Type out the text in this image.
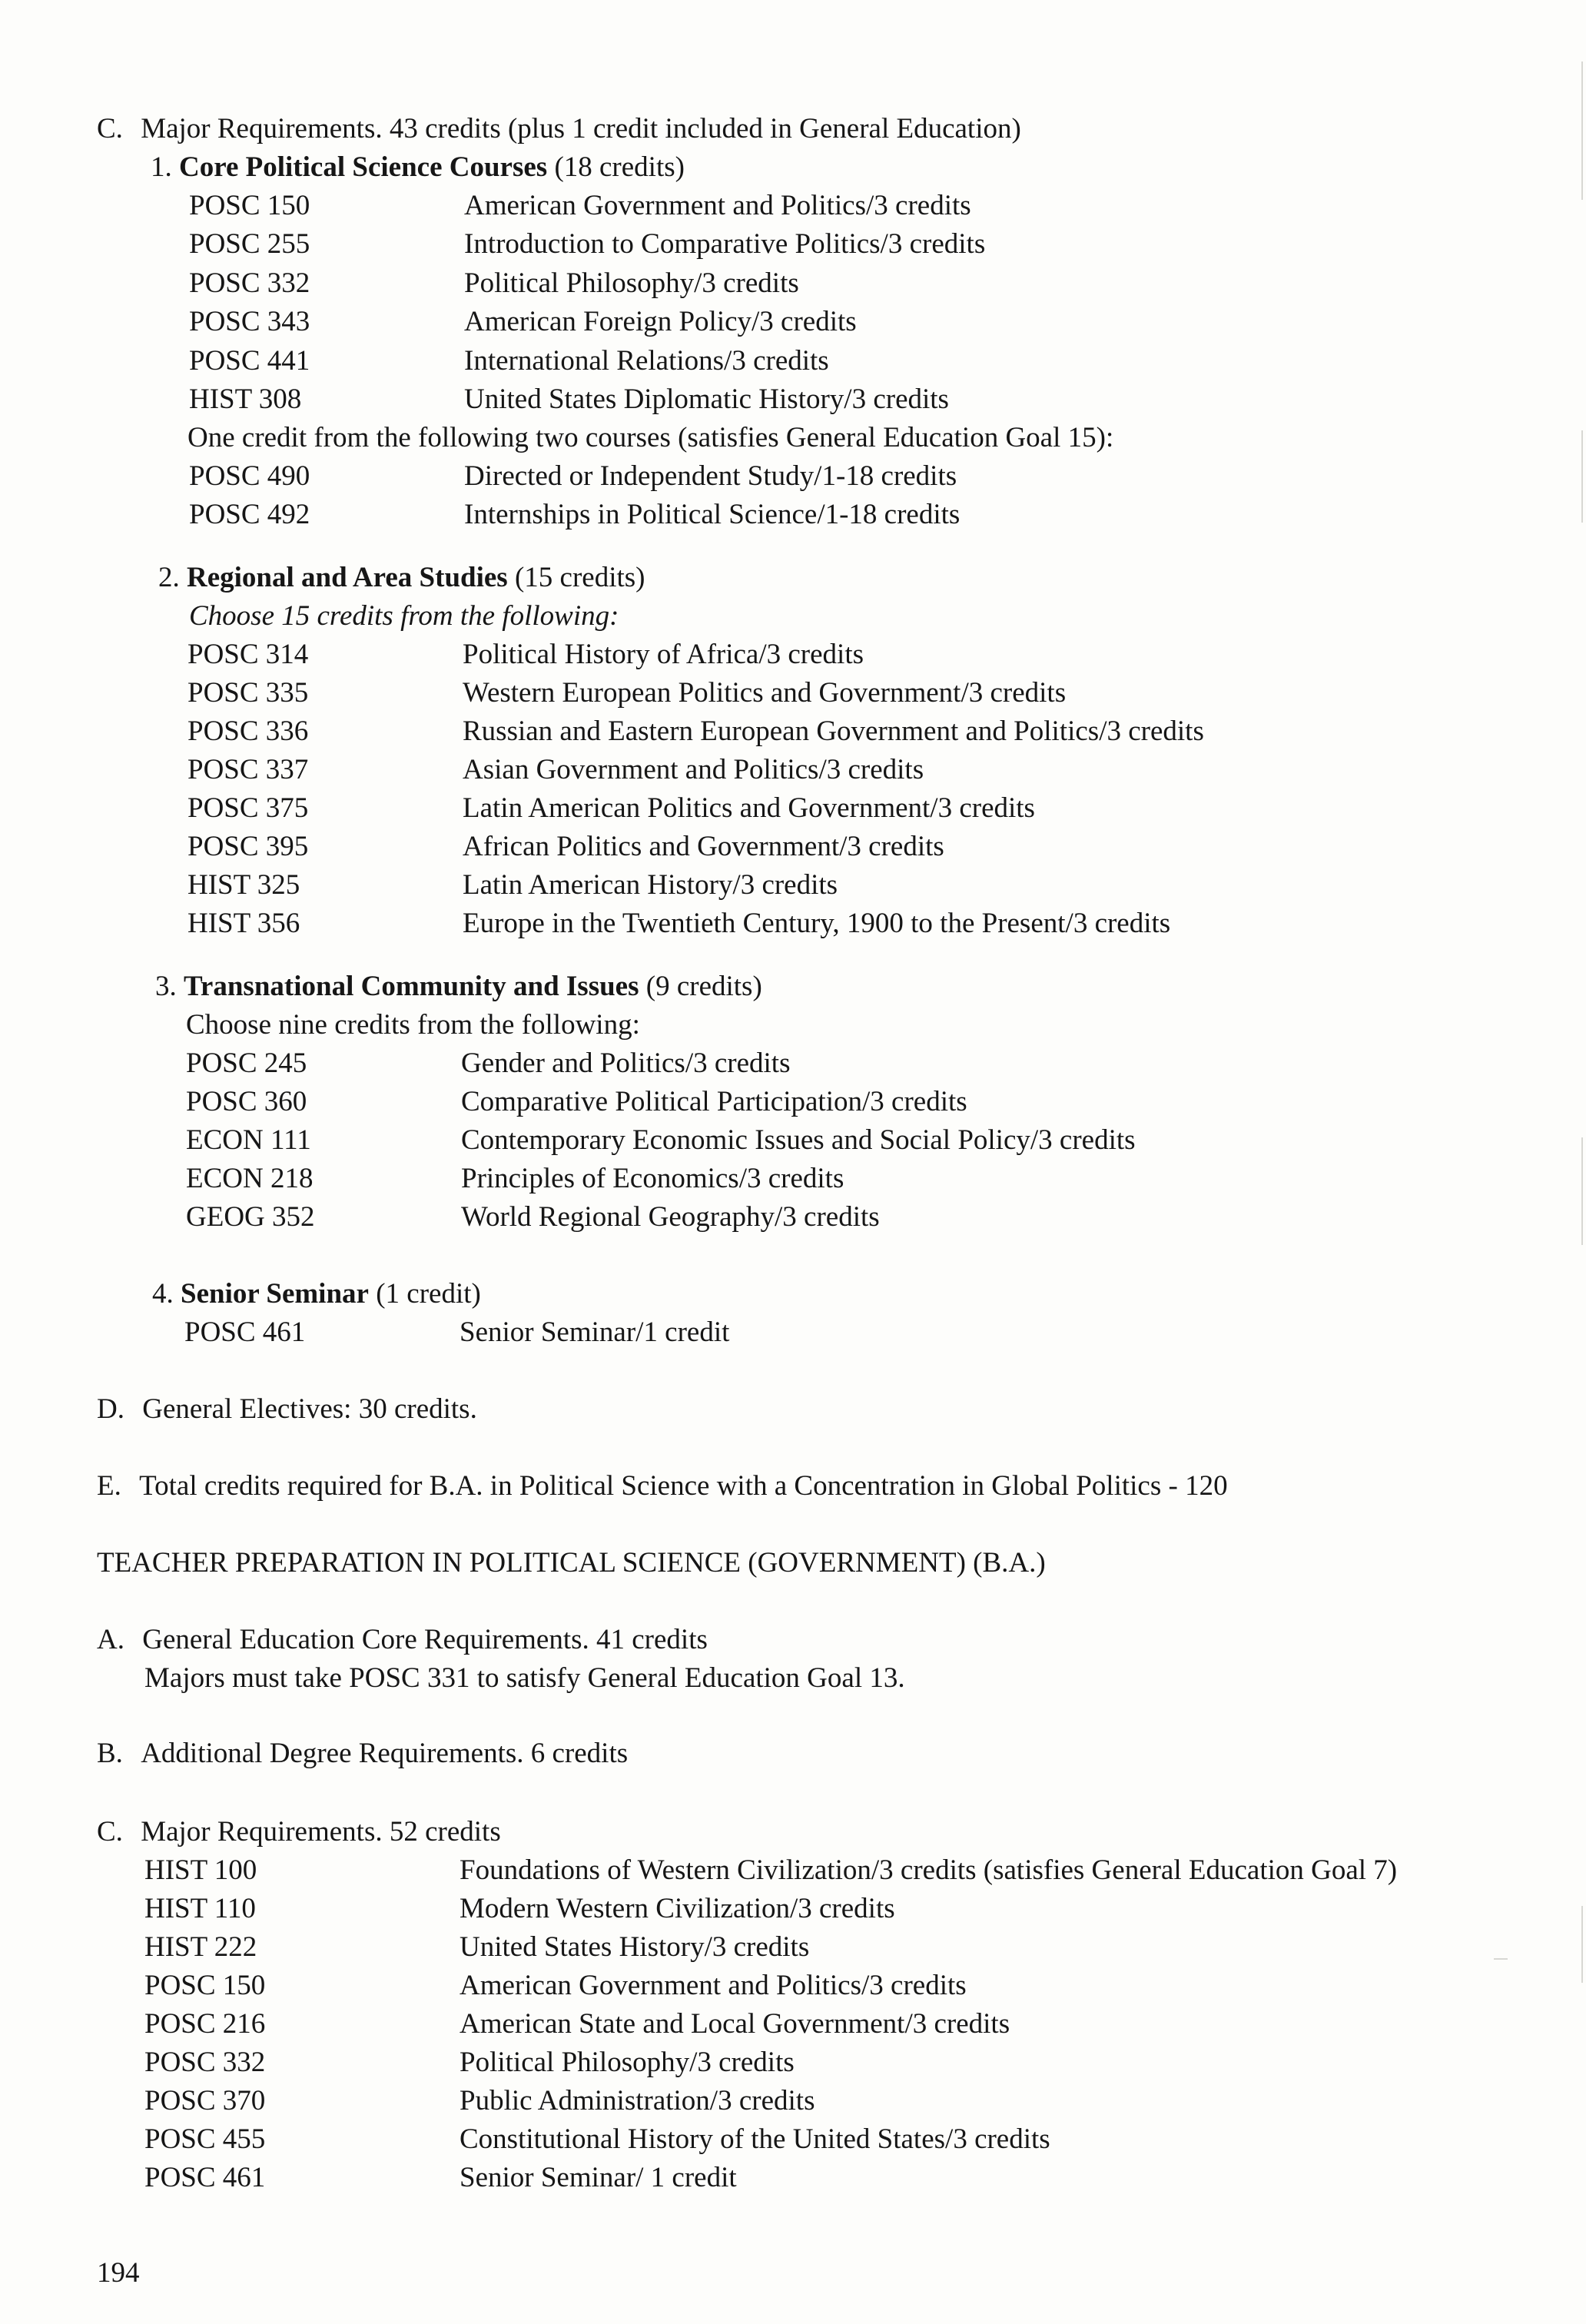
C. Major Requirements. 43 credits (plus 1 credit included in General Education)
1. Core Political Science Courses (18 credits)
POSC 150	American Government and Politics/3 credits
POSC 255	Introduction to Comparative Politics/3 credits
POSC 332	Political Philosophy/3 credits
POSC 343	American Foreign Policy/3 credits
POSC 441	International Relations/3 credits
HIST 308	United States Diplomatic History/3 credits
One credit from the following two courses (satisfies General Education Goal 15):
POSC 490	Directed or Independent Study/1-18 credits
POSC 492	Internships in Political Science/1-18 credits
2. Regional and Area Studies (15 credits)
Choose 15 credits from the following:
POSC 314	Political History of Africa/3 credits
POSC 335	Western European Politics and Government/3 credits
POSC 336	Russian and Eastern European Government and Politics/3 credits
POSC 337	Asian Government and Politics/3 credits
POSC 375	Latin American Politics and Government/3 credits
POSC 395	African Politics and Government/3 credits
HIST 325	Latin American History/3 credits
HIST 356	Europe in the Twentieth Century, 1900 to the Present/3 credits
3. Transnational Community and Issues (9 credits)
Choose nine credits from the following:
POSC 245	Gender and Politics/3 credits
POSC 360	Comparative Political Participation/3 credits
ECON 111	Contemporary Economic Issues and Social Policy/3 credits
ECON 218	Principles of Economics/3 credits
GEOG 352	World Regional Geography/3 credits
4. Senior Seminar (1 credit)
POSC 461	Senior Seminar/1 credit
D. General Electives: 30 credits.
E. Total credits required for B.A. in Political Science with a Concentration in Global Politics - 120
TEACHER PREPARATION IN POLITICAL SCIENCE (GOVERNMENT) (B.A.)
A. General Education Core Requirements. 41 credits
Majors must take POSC 331 to satisfy General Education Goal 13.
B. Additional Degree Requirements. 6 credits
C. Major Requirements. 52 credits
HIST 100	Foundations of Western Civilization/3 credits (satisfies General Education Goal 7)
HIST 110	Modern Western Civilization/3 credits
HIST 222	United States History/3 credits
POSC 150	American Government and Politics/3 credits
POSC 216	American State and Local Government/3 credits
POSC 332	Political Philosophy/3 credits
POSC 370	Public Administration/3 credits
POSC 455	Constitutional History of the United States/3 credits
POSC 461	Senior Seminar/ 1 credit
194
